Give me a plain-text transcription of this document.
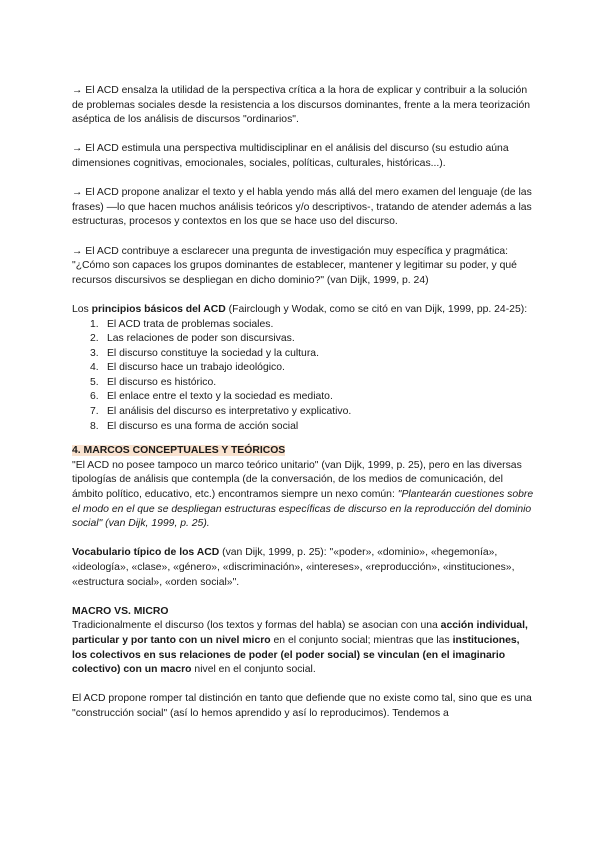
→ El ACD ensalza la utilidad de la perspectiva crítica a la hora de explicar y contribuir a la solución de problemas sociales desde la resistencia a los discursos dominantes, frente a la mera teorización aséptica de los análisis de discursos "ordinarios".

→ El ACD estimula una perspectiva multidisciplinar en el análisis del discurso (su estudio aúna dimensiones cognitivas, emocionales, sociales, políticas, culturales, históricas...).

→ El ACD propone analizar el texto y el habla yendo más allá del mero examen del lenguaje (de las frases) —lo que hacen muchos análisis teóricos y/o descriptivos-, tratando de atender además a las estructuras, procesos y contextos en los que se hace uso del discurso.

→ El ACD contribuye a esclarecer una pregunta de investigación muy específica y pragmática: "¿Cómo son capaces los grupos dominantes de establecer, mantener y legitimar su poder, y qué recursos discursivos se despliegan en dicho dominio?" (van Dijk, 1999, p. 24)

Los principios básicos del ACD (Fairclough y Wodak, como se citó en van Dijk, 1999, pp. 24-25):

1. El ACD trata de problemas sociales.
2. Las relaciones de poder son discursivas.
3. El discurso constituye la sociedad y la cultura.
4. El discurso hace un trabajo ideológico.
5. El discurso es histórico.
6. El enlace entre el texto y la sociedad es mediato.
7. El análisis del discurso es interpretativo y explicativo.
8. El discurso es una forma de acción social

4. MARCOS CONCEPTUALES Y TEÓRICOS

"El ACD no posee tampoco un marco teórico unitario" (van Dijk, 1999, p. 25), pero en las diversas tipologías de análisis que contempla (de la conversación, de los medios de comunicación, del ámbito político, educativo, etc.) encontramos siempre un nexo común: "Plantearán cuestiones sobre el modo en el que se despliegan estructuras específicas de discurso en la reproducción del dominio social" (van Dijk, 1999, p. 25).

Vocabulario típico de los ACD (van Dijk, 1999, p. 25): "«poder», «dominio», «hegemonía», «ideología», «clase», «género», «discriminación», «intereses», «reproducción», «instituciones», «estructura social», «orden social»".

MACRO VS. MICRO

Tradicionalmente el discurso (los textos y formas del habla) se asocian con una acción individual, particular y por tanto con un nivel micro en el conjunto social; mientras que las instituciones, los colectivos en sus relaciones de poder (el poder social) se vinculan (en el imaginario colectivo) con un macro nivel en el conjunto social.

El ACD propone romper tal distinción en tanto que defiende que no existe como tal, sino que es una "construcción social" (así lo hemos aprendido y así lo reproducimos). Tendemos a
